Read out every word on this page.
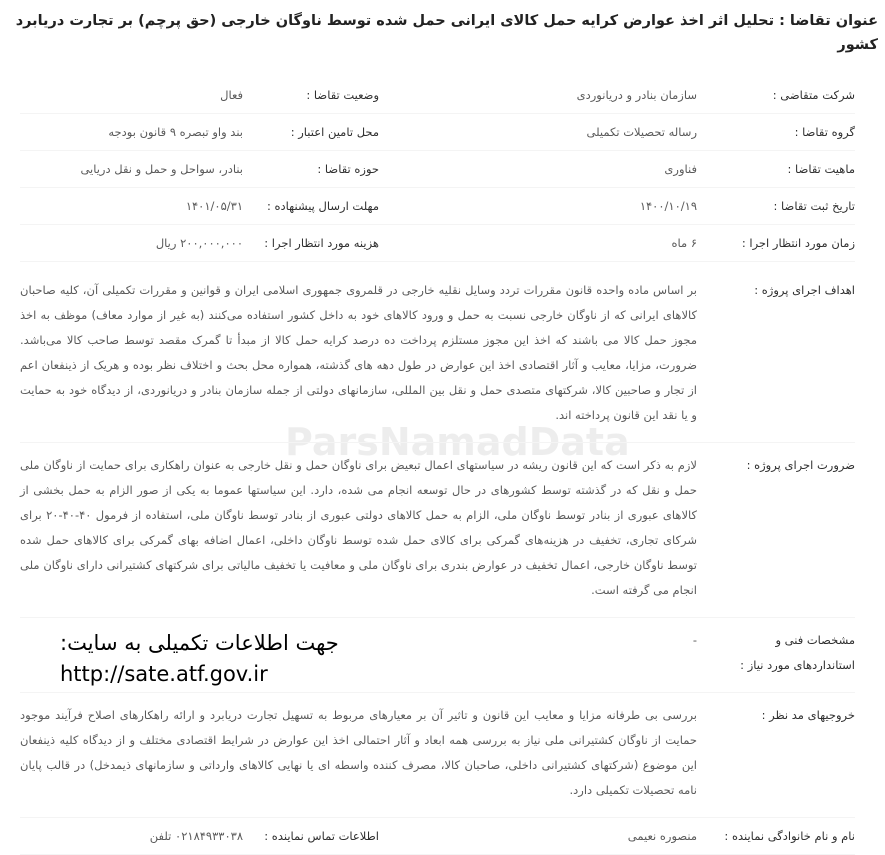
ParsNamadData
عنوان تقاضا : تحلیل اثر اخذ عوارض کرایه حمل کالای ایرانی حمل شده توسط ناوگان خارجی (حق پرچم) بر تجارت دریابرد کشور
شرکت متقاضی :
سازمان بنادر و دریانوردی
وضعیت تقاضا :
فعال
گروه تقاضا :
رساله تحصیلات تکمیلی
محل تامین اعتبار :
بند واو تبصره ۹ قانون بودجه
ماهیت تقاضا :
فناوری
حوزه تقاضا :
بنادر، سواحل و حمل و نقل دریایی
تاریخ ثبت تقاضا :
۱۴۰۰/۱۰/۱۹
مهلت ارسال پیشنهاده :
۱۴۰۱/۰۵/۳۱
زمان مورد انتظار اجرا :
۶ ماه
هزینه مورد انتظار اجرا :
۲۰۰,۰۰۰,۰۰۰ ریال
اهداف اجرای پروژه :
بر اساس ماده واحده قانون مقررات تردد وسایل نقلیه خارجی در قلمروی جمهوری اسلامی ایران و قوانین و مقررات تکمیلی آن، کلیه صاحبان کالاهای ایرانی که از ناوگان خارجی نسبت به حمل و ورود کالاهای خود به داخل کشور استفاده می‌کنند (به غیر از موارد معاف) موظف به اخذ مجوز حمل کالا می باشند که اخذ این مجوز مستلزم پرداخت ده درصد کرایه حمل کالا از مبدأ تا گمرک مقصد توسط صاحب کالا می‌باشد. ضرورت، مزایا، معایب و آثار اقتصادی اخذ این عوارض در طول دهه های گذشته، همواره محل بحث و اختلاف نظر بوده و هریک از ذینفعان اعم از تجار و صاحبین کالا، شرکتهای متصدی حمل و نقل بین المللی، سازمانهای دولتی از جمله سازمان بنادر و دریانوردی، از دیدگاه خود به حمایت و یا نقد این قانون پرداخته اند.
ضرورت اجرای پروژه :
لازم به ذکر است که این قانون ریشه در سیاستهای اعمال تبعیض برای ناوگان حمل و نقل خارجی به عنوان راهکاری برای حمایت از ناوگان ملی حمل و نقل که در گذشته توسط کشورهای در حال توسعه انجام می شده، دارد. این سیاستها عموما به یکی از صور الزام به حمل بخشی از کالاهای عبوری از بنادر توسط ناوگان ملی، الزام به حمل کالاهای دولتی عبوری از بنادر توسط ناوگان ملی، استفاده از فرمول ۴۰-۴۰-۲۰ برای شرکای تجاری، تخفیف در هزینه‌های گمرکی برای کالای حمل شده توسط ناوگان داخلی، اعمال اضافه بهای گمرکی برای کالاهای حمل شده توسط ناوگان خارجی، اعمال تخفیف در عوارض بندری برای ناوگان ملی و معافیت یا تخفیف مالیاتی برای شرکتهای کشتیرانی دارای ناوگان ملی انجام می گرفته است.
مشخصات فنی و
استانداردهای مورد نیاز :
-
جهت اطلاعات تکمیلی به سایت:
http://sate.atf.gov.ir
خروجیهای مد نظر :
بررسی بی طرفانه مزایا و معایب این قانون و تاثیر آن بر معیارهای مربوط به تسهیل تجارت دریابرد و ارائه راهکارهای اصلاح فرآیند موجود حمایت از ناوگان کشتیرانی ملی نیاز به بررسی همه ابعاد و آثار احتمالی اخذ این عوارض در شرایط اقتصادی مختلف و از دیدگاه کلیه ذینفعان این موضوع (شرکتهای کشتیرانی داخلی، صاحبان کالا، مصرف کننده واسطه ای یا نهایی کالاهای وارداتی و سازمانهای ذیمدخل) در قالب پایان نامه تحصیلات تکمیلی دارد.
نام و نام خانوادگی نماینده :
منصوره نعیمی
اطلاعات تماس نماینده :
۰۲۱۸۴۹۳۳۰۳۸ تلفن
